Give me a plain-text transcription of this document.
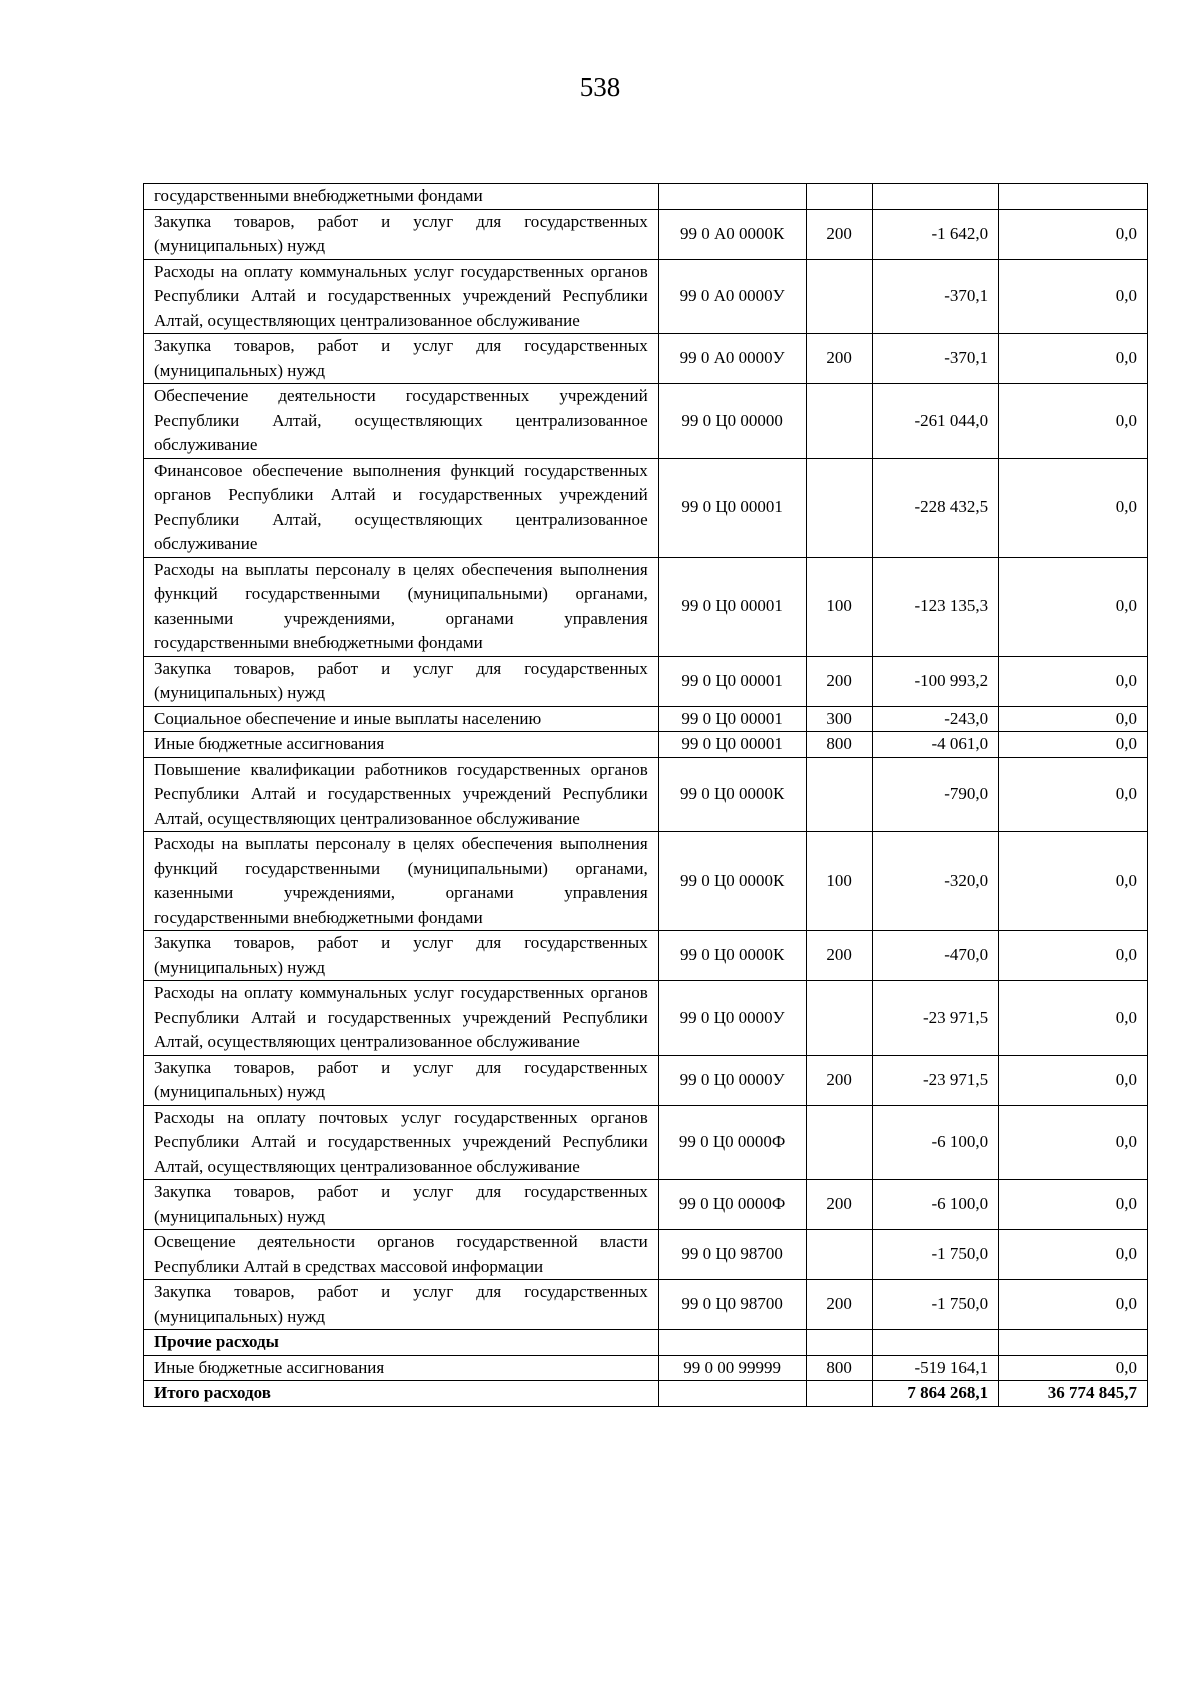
538
государственными внебюджетными фондами				
Закупка товаров, работ и услуг для государственных (муниципальных) нужд	99 0 А0 0000К	200	-1 642,0	0,0
Расходы на оплату коммунальных услуг государственных органов Республики Алтай и государственных учреждений Республики Алтай, осуществляющих централизованное обслуживание	99 0 А0 0000У		-370,1	0,0
Закупка товаров, работ и услуг для государственных (муниципальных) нужд	99 0 А0 0000У	200	-370,1	0,0
Обеспечение деятельности государственных учреждений Республики Алтай, осуществляющих централизованное обслуживание	99 0 Ц0 00000		-261 044,0	0,0
Финансовое обеспечение выполнения функций государственных органов Республики Алтай и государственных учреждений Республики Алтай, осуществляющих централизованное обслуживание	99 0 Ц0 00001		-228 432,5	0,0
Расходы на выплаты персоналу в целях обеспечения выполнения функций государственными (муниципальными) органами, казенными учреждениями, органами управления государственными внебюджетными фондами	99 0 Ц0 00001	100	-123 135,3	0,0
Закупка товаров, работ и услуг для государственных (муниципальных) нужд	99 0 Ц0 00001	200	-100 993,2	0,0
Социальное обеспечение и иные выплаты населению	99 0 Ц0 00001	300	-243,0	0,0
Иные бюджетные ассигнования	99 0 Ц0 00001	800	-4 061,0	0,0
Повышение квалификации работников государственных органов Республики Алтай и государственных учреждений Республики Алтай, осуществляющих централизованное обслуживание	99 0 Ц0 0000К		-790,0	0,0
Расходы на выплаты персоналу в целях обеспечения выполнения функций государственными (муниципальными) органами, казенными учреждениями, органами управления государственными внебюджетными фондами	99 0 Ц0 0000К	100	-320,0	0,0
Закупка товаров, работ и услуг для государственных (муниципальных) нужд	99 0 Ц0 0000К	200	-470,0	0,0
Расходы на оплату коммунальных услуг государственных органов Республики Алтай и государственных учреждений Республики Алтай, осуществляющих централизованное обслуживание	99 0 Ц0 0000У		-23 971,5	0,0
Закупка товаров, работ и услуг для государственных (муниципальных) нужд	99 0 Ц0 0000У	200	-23 971,5	0,0
Расходы на оплату почтовых услуг государственных органов Республики Алтай и государственных учреждений Республики Алтай, осуществляющих централизованное обслуживание	99 0 Ц0 0000Ф		-6 100,0	0,0
Закупка товаров, работ и услуг для государственных (муниципальных) нужд	99 0 Ц0 0000Ф	200	-6 100,0	0,0
Освещение деятельности органов государственной власти Республики Алтай в средствах массовой информации	99 0 Ц0 98700		-1 750,0	0,0
Закупка товаров, работ и услуг для государственных (муниципальных) нужд	99 0 Ц0 98700	200	-1 750,0	0,0
Прочие расходы				
Иные бюджетные ассигнования	99 0 00 99999	800	-519 164,1	0,0
Итого расходов			7 864 268,1	36 774 845,7
